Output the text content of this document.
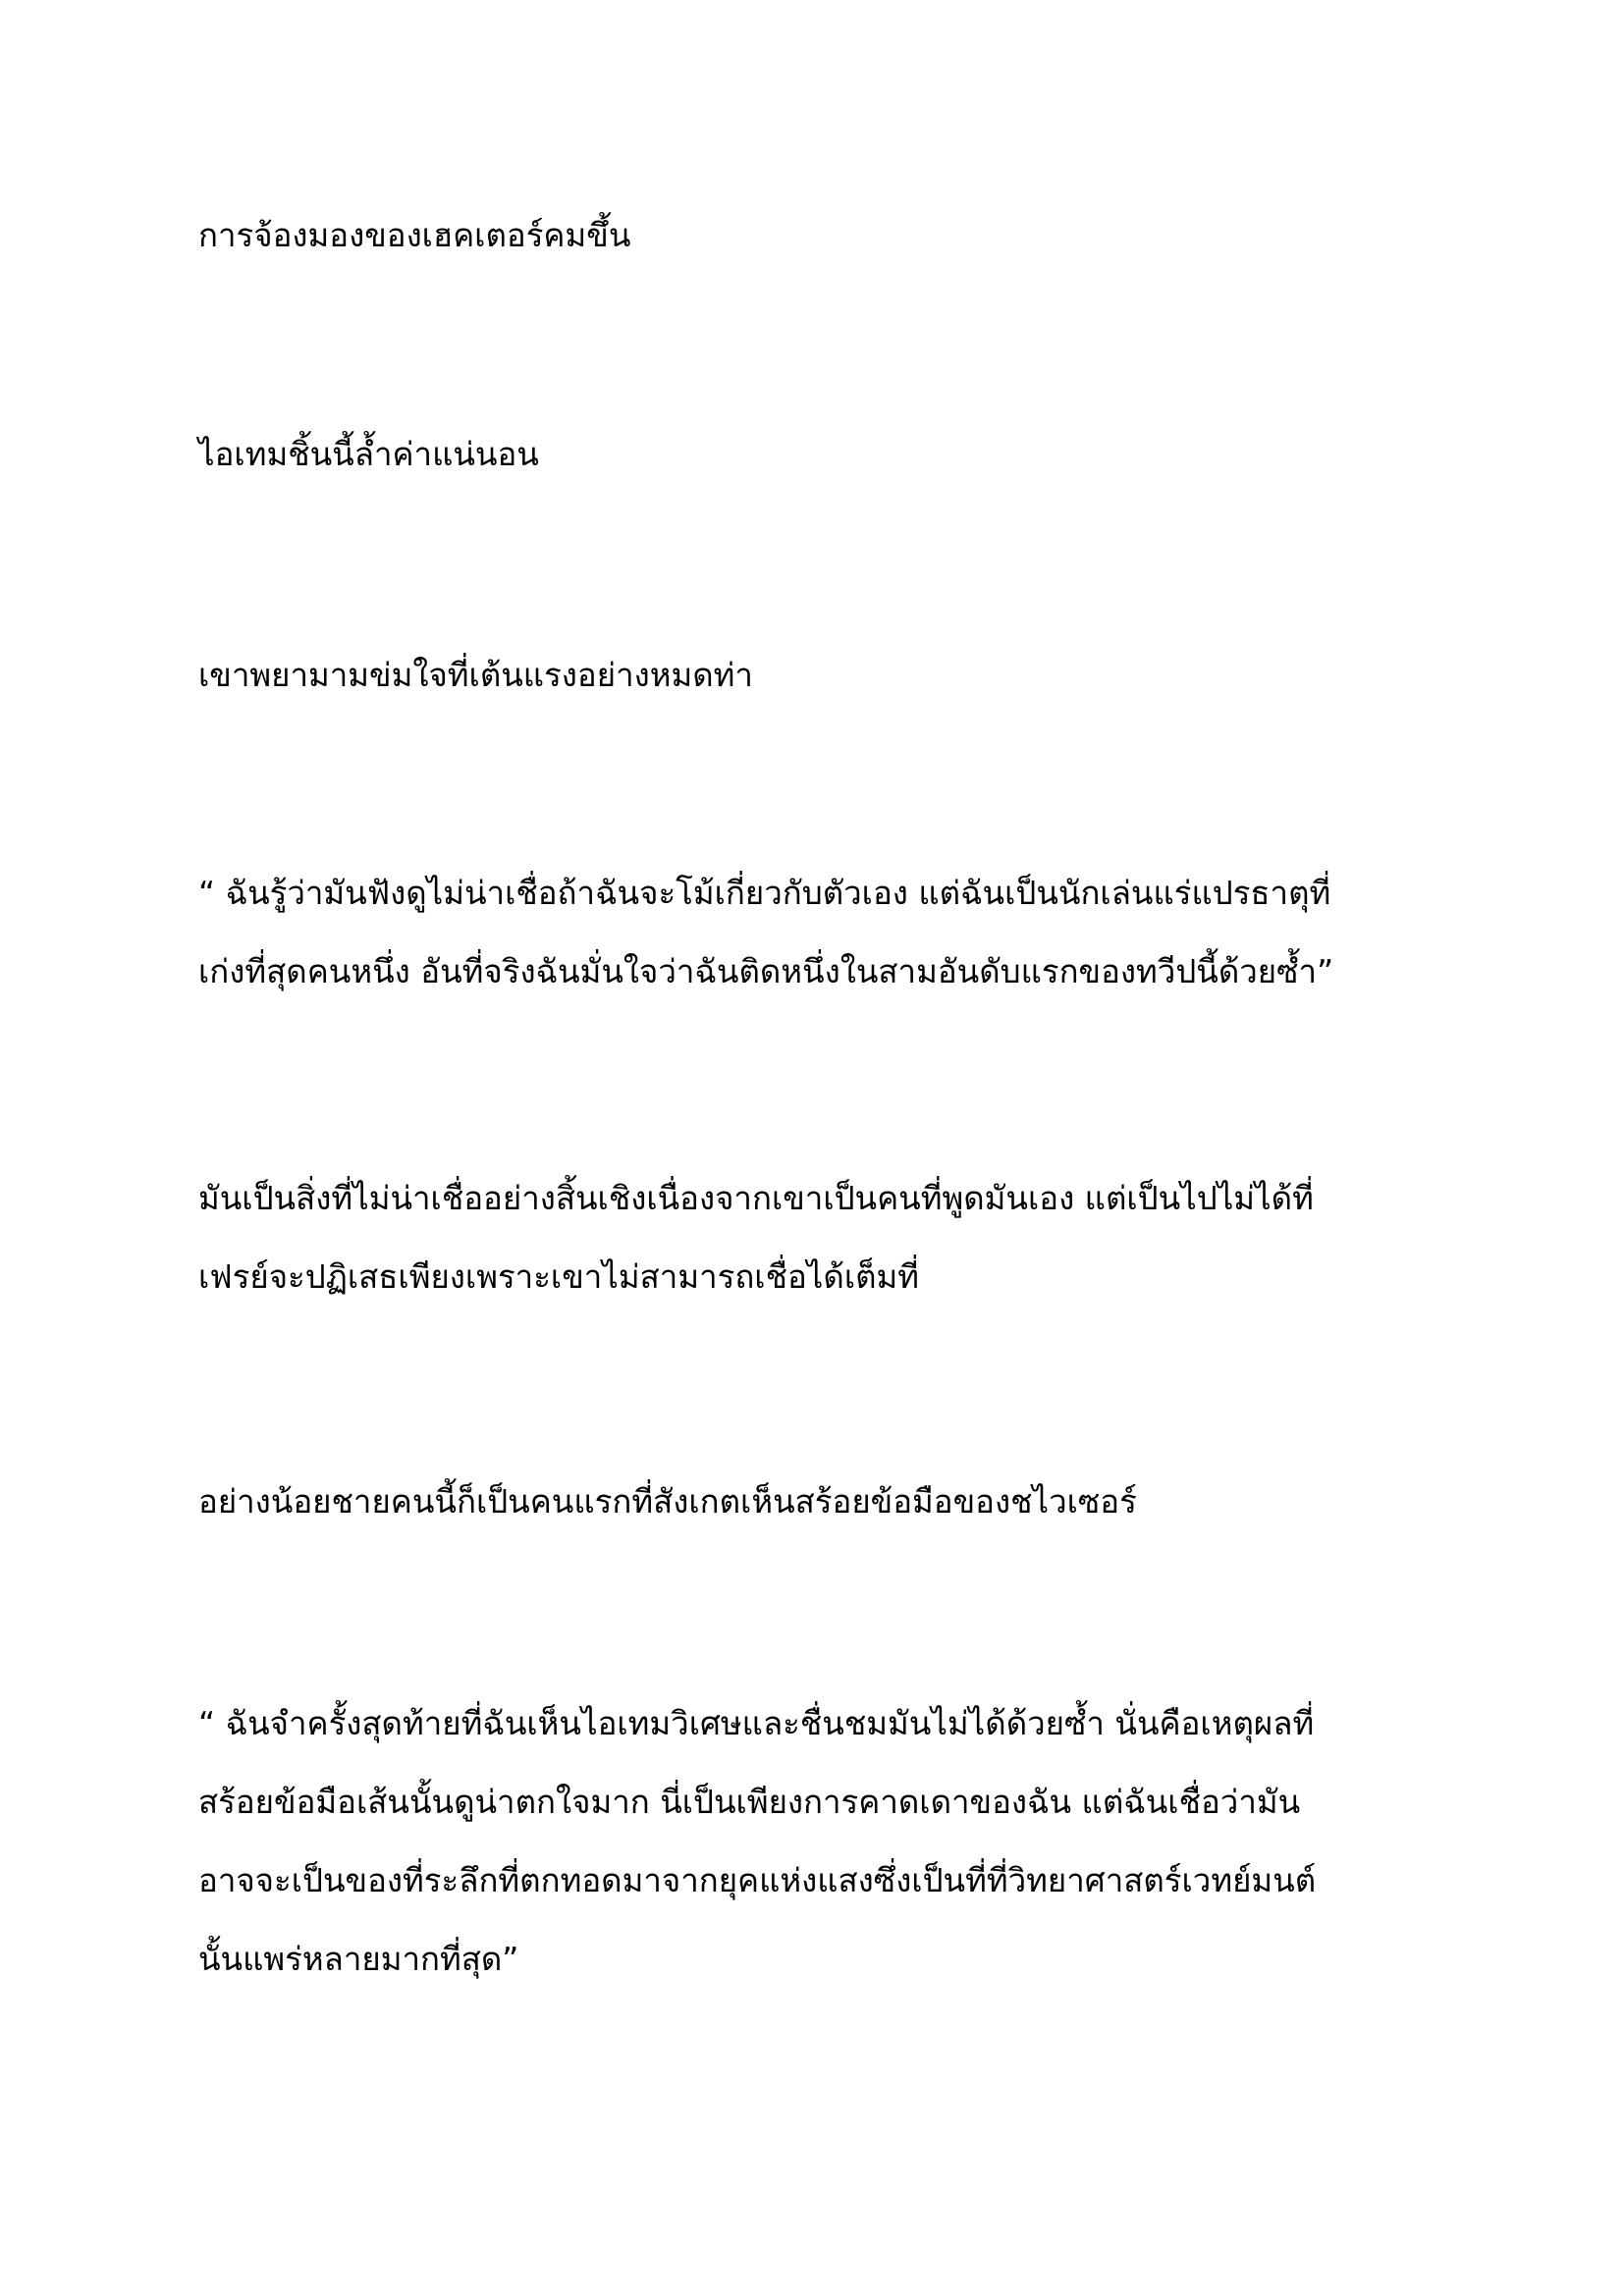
การจ้องมองของเฮคเตอร์คมขึ้น

ไอเทมชิ้นนี้ล้ำค่าแน่นอน

เขาพยามามข่มใจที่เต้นแรงอย่างหมดท่า

“ ฉันรู้ว่ามันฟังดูไม่น่าเชื่อถ้าฉันจะโม้เกี่ยวกับตัวเอง แต่ฉันเป็นนักเล่นแร่แปรธาตุที่
เก่งที่สุดคนหนึ่ง อันที่จริงฉันมั่นใจว่าฉันติดหนึ่งในสามอันดับแรกของทวีปนี้ด้วยซ้ำ”

มันเป็นสิ่งที่ไม่น่าเชื่ออย่างสิ้นเชิงเนื่องจากเขาเป็นคนที่พูดมันเอง แต่เป็นไปไม่ได้ที่
เฟรย์จะปฏิเสธเพียงเพราะเขาไม่สามารถเชื่อได้เต็มที่

อย่างน้อยชายคนนี้ก็เป็นคนแรกที่สังเกตเห็นสร้อยข้อมือของชไวเซอร์

“ ฉันจำครั้งสุดท้ายที่ฉันเห็นไอเทมวิเศษและชื่นชมมันไม่ได้ด้วยซ้ำ นั่นคือเหตุผลที่
สร้อยข้อมือเส้นนั้นดูน่าตกใจมาก นี่เป็นเพียงการคาดเดาของฉัน แต่ฉันเชื่อว่ามัน
อาจจะเป็นของที่ระลึกที่ตกทอดมาจากยุคแห่งแสงซึ่งเป็นที่ที่วิทยาศาสตร์เวทย์มนต์
นั้นแพร่หลายมากที่สุด”
